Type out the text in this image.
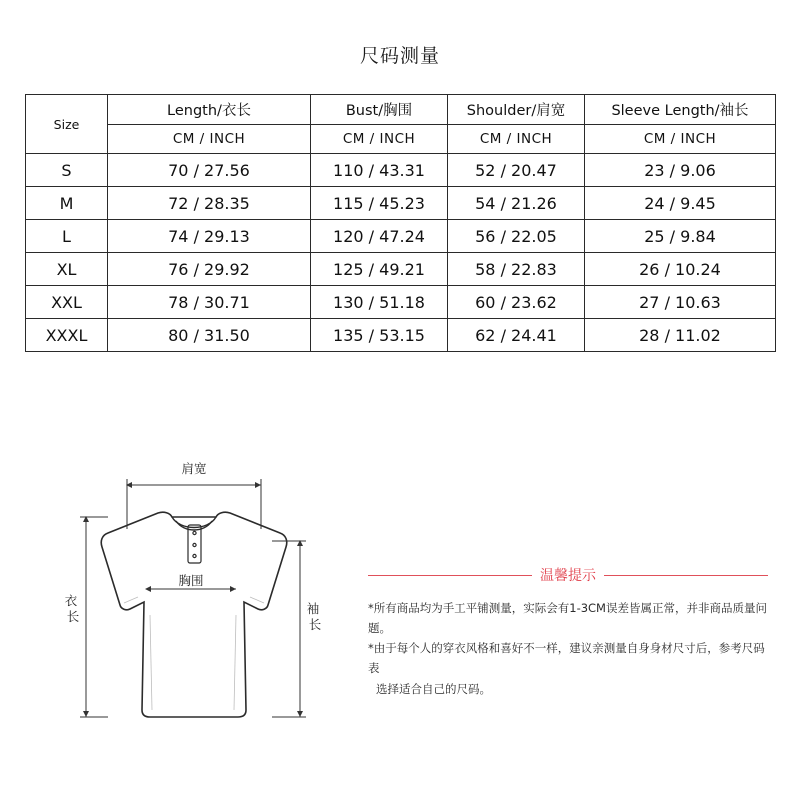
尺码测量
Size	Length/衣长	Bust/胸围	Shoulder/肩宽	Sleeve Length/袖长
	CM / INCH	CM / INCH	CM / INCH	CM / INCH
S	70 / 27.56	110 / 43.31	52 / 20.47	23 / 9.06
M	72 / 28.35	115 / 45.23	54 / 21.26	24 / 9.45
L	74 / 29.13	120 / 47.24	56 / 22.05	25 / 9.84
XL	76 / 29.92	125 / 49.21	58 / 22.83	26 / 10.24
XXL	78 / 30.71	130 / 51.18	60 / 23.62	27 / 10.63
XXXL	80 / 31.50	135 / 53.15	62 / 24.41	28 / 11.02
肩宽
胸围
衣 长
袖 长
温馨提示
*所有商品均为手工平铺测量，实际会有1-3CM误差皆属正常，并非商品质量问题。
*由于每个人的穿衣风格和喜好不一样，建议亲测量自身身材尺寸后，参考尺码表
选择适合自己的尺码。
